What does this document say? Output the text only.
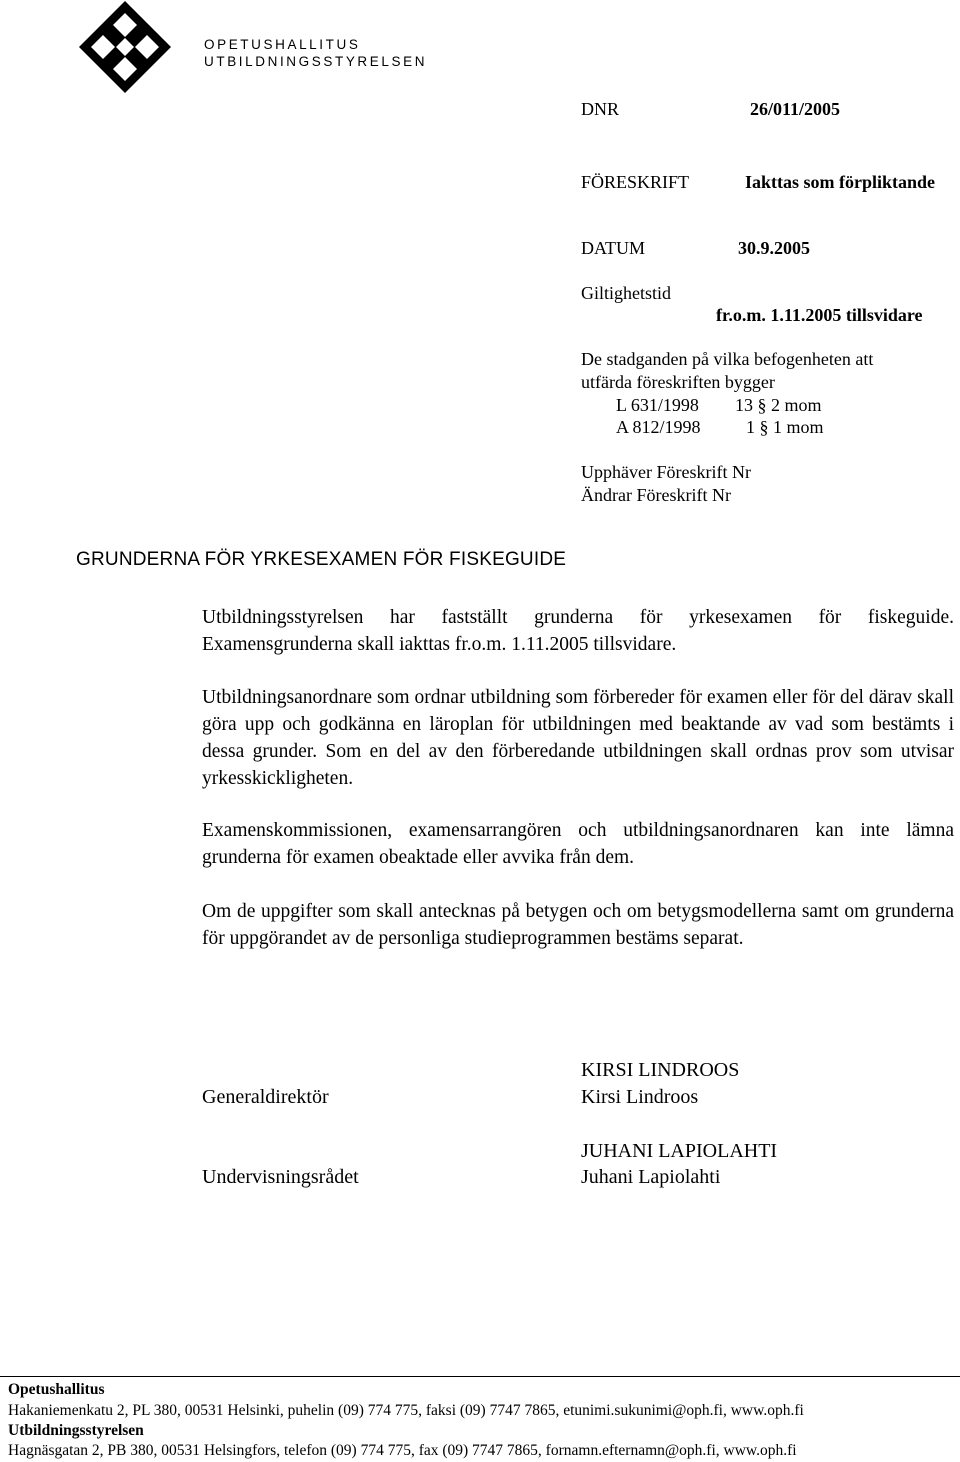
OPETUSHALLITUS
UTBILDNINGSSTYRELSEN
DNR	26/011/2005
FÖRESKRIFT	Iakttas som förpliktande
DATUM	30.9.2005
Giltighetstid
fr.o.m. 1.11.2005 tillsvidare
De stadganden på vilka befogenheten att
utfärda föreskriften bygger
L 631/1998 13 § 2 mom
A 812/1998	1 § 1 mom
Upphäver Föreskrift Nr
Ändrar Föreskrift Nr
GRUNDERNA FÖR YRKESEXAMEN FÖR FISKEGUIDE
Utbildningsstyrelsen har fastställt grunderna för yrkesexamen för fiskeguide. Examensgrunderna skall iakttas fr.o.m. 1.11.2005 tillsvidare.
Utbildningsanordnare som ordnar utbildning som förbereder för examen eller för del därav skall göra upp och godkänna en läroplan för utbildningen med beaktande av vad som bestämts i dessa grunder. Som en del av den förberedande utbildningen skall ordnas prov som utvisar yrkesskickligheten.
Examenskommissionen, examensarrangören och utbildningsanordnaren kan inte lämna grunderna för examen obeaktade eller avvika från dem.
Om de uppgifter som skall antecknas på betygen och om betygsmodellerna samt om grunderna för uppgörandet av de personliga studieprogrammen bestäms separat.
Generaldirektör
KIRSI LINDROOS
Kirsi Lindroos
Undervisningsrådet
JUHANI LAPIOLAHTI
Juhani Lapiolahti
Opetushallitus
Hakaniemenkatu 2, PL 380, 00531 Helsinki, puhelin (09) 774 775, faksi (09) 7747 7865, etunimi.sukunimi@oph.fi, www.oph.fi
Utbildningsstyrelsen
Hagnäsgatan 2, PB 380, 00531 Helsingfors, telefon (09) 774 775, fax (09) 7747 7865, fornamn.efternamn@oph.fi, www.oph.fi
